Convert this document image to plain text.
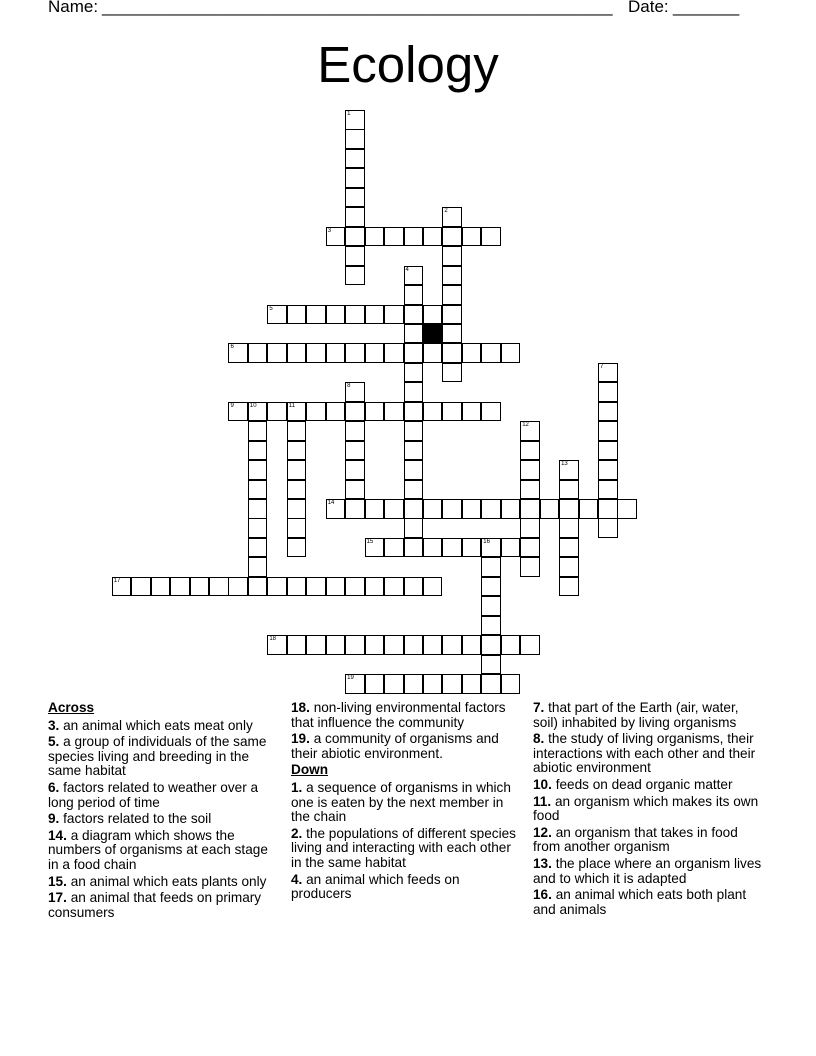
Name: ______________________________________________________ Date: _______
Ecology
1
2
3
4
5
6
7
8
9	10	11
12
13
14
15	16
17
18
19
Across
3. an animal which eats meat only
5. a group of individuals of the same species living and breeding in the same habitat
6. factors related to weather over a long period of time
9. factors related to the soil
14. a diagram which shows the numbers of organisms at each stage in a food chain
15. an animal which eats plants only
17. an animal that feeds on primary consumers
18. non-living environmental factors that influence the community
19. a community of organisms and their abiotic environment.
Down
1. a sequence of organisms in which one is eaten by the next member in the chain
2. the populations of different species living and interacting with each other in the same habitat
4. an animal which feeds on producers
7. that part of the Earth (air, water, soil) inhabited by living organisms
8. the study of living organisms, their interactions with each other and their abiotic environment
10. feeds on dead organic matter
11. an organism which makes its own food
12. an organism that takes in food from another organism
13. the place where an organism lives and to which it is adapted
16. an animal which eats both plant and animals
